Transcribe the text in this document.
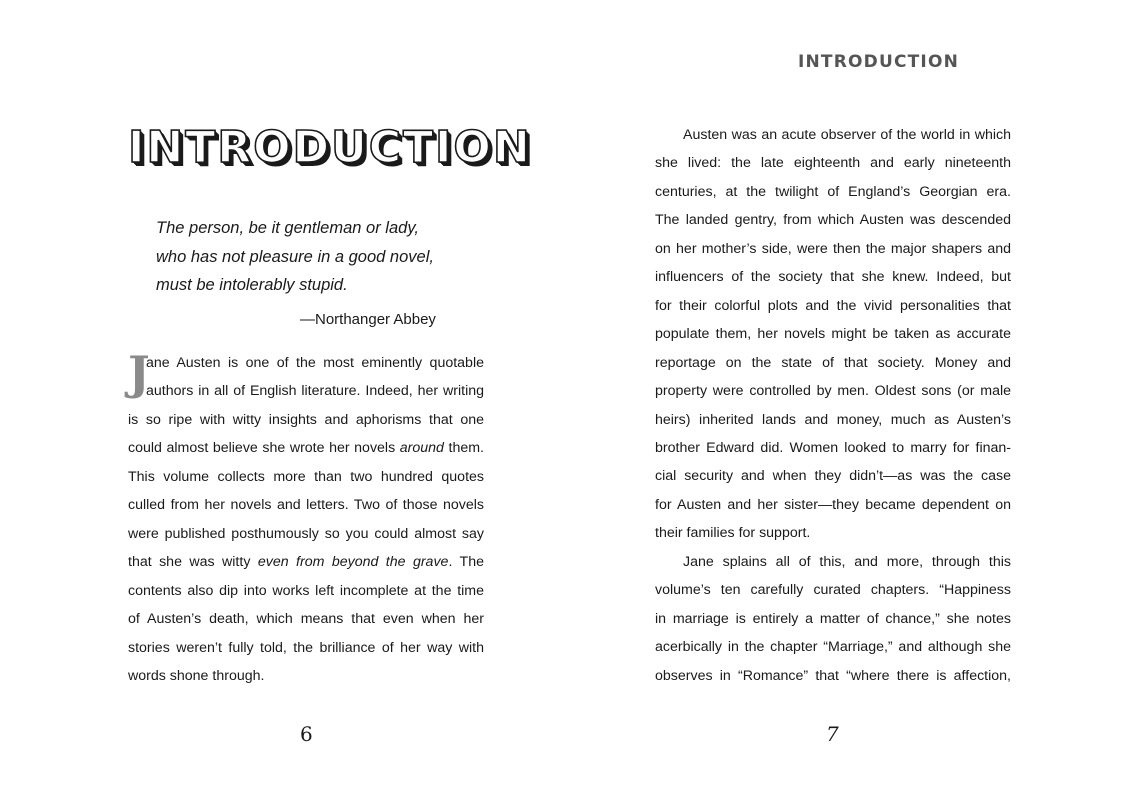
INTRODUCTION
The person, be it gentleman or lady,
who has not pleasure in a good novel,
must be intolerably stupid.
—Northanger Abbey
J
ane Austen is one of the most eminently quotable
authors in all of English literature. Indeed, her writing
is so ripe with witty insights and aphorisms that one
could almost believe she wrote her novels around them.
This volume collects more than two hundred quotes
culled from her novels and letters. Two of those novels
were published posthumously so you could almost say
that she was witty even from beyond the grave. The
contents also dip into works left incomplete at the time
of Austen’s death, which means that even when her
stories weren’t fully told, the brilliance of her way with
words shone through.
6
INTRODUCTION
Austen was an acute observer of the world in which
she lived: the late eighteenth and early nineteenth
centuries, at the twilight of England’s Georgian era.
The landed gentry, from which Austen was descended
on her mother’s side, were then the major shapers and
influencers of the society that she knew. Indeed, but
for their colorful plots and the vivid personalities that
populate them, her novels might be taken as accurate
reportage on the state of that society. Money and
property were controlled by men. Oldest sons (or male
heirs) inherited lands and money, much as Austen’s
brother Edward did. Women looked to marry for finan-
cial security and when they didn’t—as was the case
for Austen and her sister—they became dependent on
their families for support.
Jane splains all of this, and more, through this
volume’s ten carefully curated chapters. “Happiness
in marriage is entirely a matter of chance,” she notes
acerbically in the chapter “Marriage,” and although she
observes in “Romance” that “where there is affection,
7
